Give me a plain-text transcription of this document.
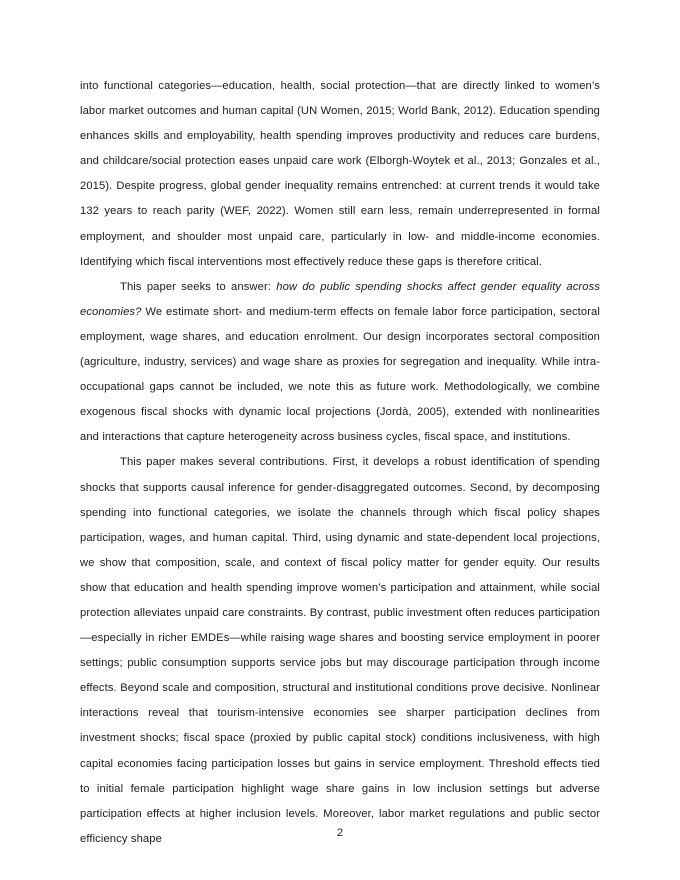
into functional categories—education, health, social protection—that are directly linked to women’s labor market outcomes and human capital (UN Women, 2015; World Bank, 2012). Education spending enhances skills and employability, health spending improves productivity and reduces care burdens, and childcare/social protection eases unpaid care work (Elborgh-Woytek et al., 2013; Gonzales et al., 2015). Despite progress, global gender inequality remains entrenched: at current trends it would take 132 years to reach parity (WEF, 2022). Women still earn less, remain underrepresented in formal employment, and shoulder most unpaid care, particularly in low- and middle-income economies. Identifying which fiscal interventions most effectively reduce these gaps is therefore critical.

This paper seeks to answer: how do public spending shocks affect gender equality across economies? We estimate short- and medium-term effects on female labor force participation, sectoral employment, wage shares, and education enrolment. Our design incorporates sectoral composition (agriculture, industry, services) and wage share as proxies for segregation and inequality. While intra-occupational gaps cannot be included, we note this as future work. Methodologically, we combine exogenous fiscal shocks with dynamic local projections (Jordà, 2005), extended with nonlinearities and interactions that capture heterogeneity across business cycles, fiscal space, and institutions.

This paper makes several contributions. First, it develops a robust identification of spending shocks that supports causal inference for gender-disaggregated outcomes. Second, by decomposing spending into functional categories, we isolate the channels through which fiscal policy shapes participation, wages, and human capital. Third, using dynamic and state-dependent local projections, we show that composition, scale, and context of fiscal policy matter for gender equity. Our results show that education and health spending improve women’s participation and attainment, while social protection alleviates unpaid care constraints. By contrast, public investment often reduces participation—especially in richer EMDEs—while raising wage shares and boosting service employment in poorer settings; public consumption supports service jobs but may discourage participation through income effects. Beyond scale and composition, structural and institutional conditions prove decisive. Nonlinear interactions reveal that tourism-intensive economies see sharper participation declines from investment shocks; fiscal space (proxied by public capital stock) conditions inclusiveness, with high capital economies facing participation losses but gains in service employment. Threshold effects tied to initial female participation highlight wage share gains in low inclusion settings but adverse participation effects at higher inclusion levels. Moreover, labor market regulations and public sector efficiency shape	2
